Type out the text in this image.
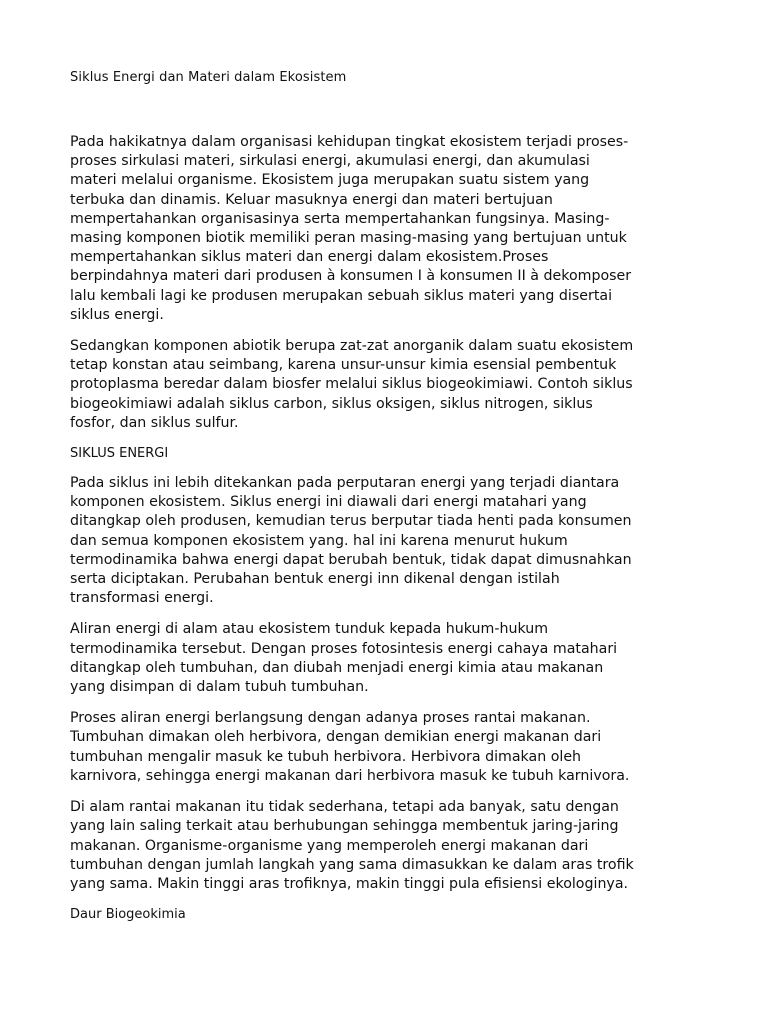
Siklus Energi dan Materi dalam Ekosistem
Pada hakikatnya dalam organisasi kehidupan tingkat ekosistem terjadi proses-
proses sirkulasi materi, sirkulasi energi, akumulasi energi, dan akumulasi
materi melalui organisme. Ekosistem juga merupakan suatu sistem yang
terbuka dan dinamis. Keluar masuknya energi dan materi bertujuan
mempertahankan organisasinya serta mempertahankan fungsinya. Masing-
masing komponen biotik memiliki peran masing-masing yang bertujuan untuk
mempertahankan siklus materi dan energi dalam ekosistem.Proses
berpindahnya materi dari produsen à konsumen I à konsumen II à dekomposer
lalu kembali lagi ke produsen merupakan sebuah siklus materi yang disertai
siklus energi.
Sedangkan komponen abiotik berupa zat-zat anorganik dalam suatu ekosistem
tetap konstan atau seimbang, karena unsur-unsur kimia esensial pembentuk
protoplasma beredar dalam biosfer melalui siklus biogeokimiawi. Contoh siklus
biogeokimiawi adalah siklus carbon, siklus oksigen, siklus nitrogen, siklus
fosfor, dan siklus sulfur.
SIKLUS ENERGI
Pada siklus ini lebih ditekankan pada perputaran energi yang terjadi diantara
komponen ekosistem. Siklus energi ini diawali dari energi matahari yang
ditangkap oleh produsen, kemudian terus berputar tiada henti pada konsumen
dan semua komponen ekosistem yang. hal ini karena menurut hukum
termodinamika bahwa energi dapat berubah bentuk, tidak dapat dimusnahkan
serta diciptakan. Perubahan bentuk energi inn dikenal dengan istilah
transformasi energi.
Aliran energi di alam atau ekosistem tunduk kepada hukum-hukum
termodinamika tersebut. Dengan proses fotosintesis energi cahaya matahari
ditangkap oleh tumbuhan, dan diubah menjadi energi kimia atau makanan
yang disimpan di dalam tubuh tumbuhan.
Proses aliran energi berlangsung dengan adanya proses rantai makanan.
Tumbuhan dimakan oleh herbivora, dengan demikian energi makanan dari
tumbuhan mengalir masuk ke tubuh herbivora. Herbivora dimakan oleh
karnivora, sehingga energi makanan dari herbivora masuk ke tubuh karnivora.
Di alam rantai makanan itu tidak sederhana, tetapi ada banyak, satu dengan
yang lain saling terkait atau berhubungan sehingga membentuk jaring-jaring
makanan. Organisme-organisme yang memperoleh energi makanan dari
tumbuhan dengan jumlah langkah yang sama dimasukkan ke dalam aras trofik
yang sama. Makin tinggi aras trofiknya, makin tinggi pula efisiensi ekologinya.
Daur Biogeokimia
